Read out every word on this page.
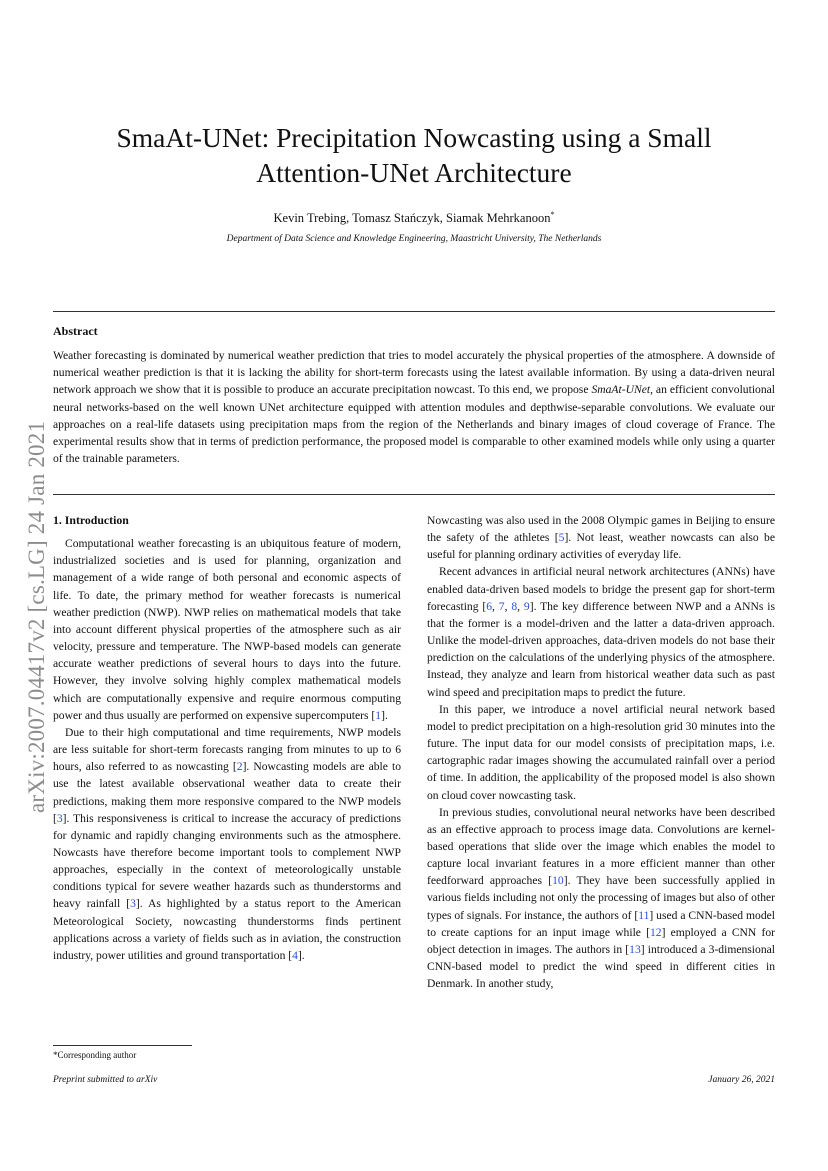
arXiv:2007.04417v2 [cs.LG] 24 Jan 2021
SmaAt-UNet: Precipitation Nowcasting using a Small Attention-UNet Architecture
Kevin Trebing, Tomasz Stańczyk, Siamak Mehrkanoon*
Department of Data Science and Knowledge Engineering, Maastricht University, The Netherlands
Abstract

Weather forecasting is dominated by numerical weather prediction that tries to model accurately the physical properties of the atmosphere. A downside of numerical weather prediction is that it is lacking the ability for short-term forecasts using the latest available information. By using a data-driven neural network approach we show that it is possible to produce an accurate precipitation nowcast. To this end, we propose SmaAt-UNet, an efficient convolutional neural networks-based on the well known UNet architecture equipped with attention modules and depthwise-separable convolutions. We evaluate our approaches on a real-life datasets using precipitation maps from the region of the Netherlands and binary images of cloud coverage of France. The experimental results show that in terms of prediction performance, the proposed model is comparable to other examined models while only using a quarter of the trainable parameters.

1. Introduction

Computational weather forecasting is an ubiquitous feature of modern, industrialized societies and is used for planning, organization and management of a wide range of both personal and economic aspects of life. To date, the primary method for weather forecasts is numerical weather prediction (NWP). NWP relies on mathematical models that take into account different physical properties of the atmosphere such as air velocity, pressure and temperature. The NWP-based models can generate accurate weather predictions of several hours to days into the future. However, they involve solving highly complex mathematical models which are computationally expensive and require enormous computing power and thus usually are performed on expensive supercomputers [1].

Due to their high computational and time requirements, NWP models are less suitable for short-term forecasts ranging from minutes to up to 6 hours, also referred to as nowcasting [2]. Nowcasting models are able to use the latest available observational weather data to create their predictions, making them more responsive compared to the NWP models [3]. This responsiveness is critical to increase the accuracy of predictions for dynamic and rapidly changing environments such as the atmosphere. Nowcasts have therefore become important tools to complement NWP approaches, especially in the context of meteorologically unstable conditions typical for severe weather hazards such as thunderstorms and heavy rainfall [3]. As highlighted by a status report to the American Meteorological Society, nowcasting thunderstorms finds pertinent applications across a variety of fields such as in aviation, the construction industry, power utilities and ground transportation [4].

Nowcasting was also used in the 2008 Olympic games in Beijing to ensure the safety of the athletes [5]. Not least, weather nowcasts can also be useful for planning ordinary activities of everyday life.

Recent advances in artificial neural network architectures (ANNs) have enabled data-driven based models to bridge the present gap for short-term forecasting [6, 7, 8, 9]. The key difference between NWP and a ANNs is that the former is a model-driven and the latter a data-driven approach. Unlike the model-driven approaches, data-driven models do not base their prediction on the calculations of the underlying physics of the atmosphere. Instead, they analyze and learn from historical weather data such as past wind speed and precipitation maps to predict the future.

In this paper, we introduce a novel artificial neural network based model to predict precipitation on a high-resolution grid 30 minutes into the future. The input data for our model consists of precipitation maps, i.e. cartographic radar images showing the accumulated rainfall over a period of time. In addition, the applicability of the proposed model is also shown on cloud cover nowcasting task.

In previous studies, convolutional neural networks have been described as an effective approach to process image data. Convolutions are kernel-based operations that slide over the image which enables the model to capture local invariant features in a more efficient manner than other feedforward approaches [10]. They have been successfully applied in various fields including not only the processing of images but also of other types of signals. For instance, the authors of [11] used a CNN-based model to create captions for an input image while [12] employed a CNN for object detection in images. The authors in [13] introduced a 3-dimensional CNN-based model to predict the wind speed in different cities in Denmark. In another study,

*Corresponding author
Preprint submitted to arXiv	January 26, 2021
